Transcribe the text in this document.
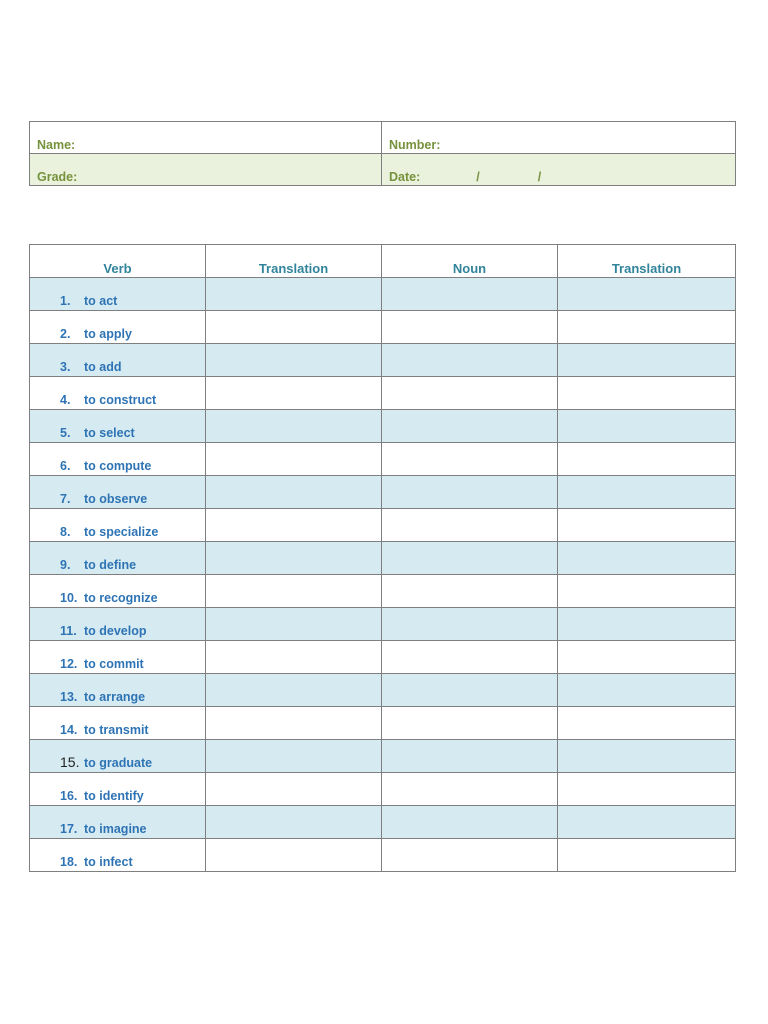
Name:	Number:
Grade:	Date: / /
Verb	Translation	Noun	Translation
1. to act			
2. to apply			
3. to add			
4. to construct			
5. to select			
6. to compute			
7. to observe			
8. to specialize			
9. to define			
10. to recognize			
11. to develop			
12. to commit			
13. to arrange			
14. to transmit			
15. to graduate			
16. to identify			
17. to imagine			
18. to infect			
